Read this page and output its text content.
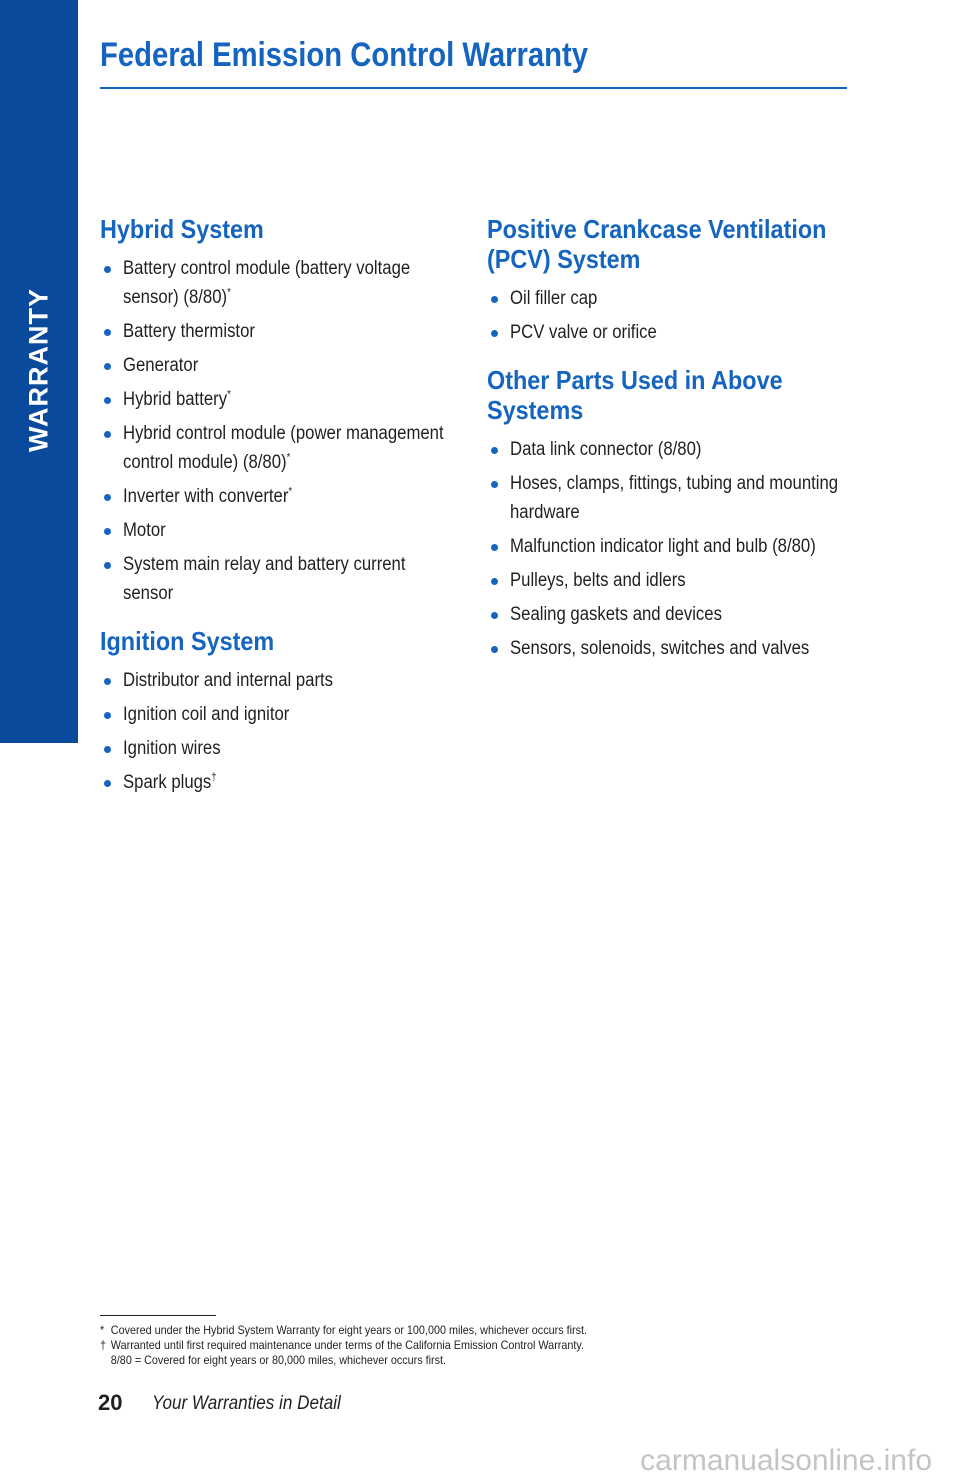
WARRANTY
Federal Emission Control Warranty
Hybrid System
Battery control module (battery voltage sensor) (8/80)*
Battery thermistor
Generator
Hybrid battery*
Hybrid control module (power management control module) (8/80)*
Inverter with converter*
Motor
System main relay and battery current sensor
Ignition System
Distributor and internal parts
Ignition coil and ignitor
Ignition wires
Spark plugs†
Positive Crankcase Ventilation
(PCV) System
Oil filler cap
PCV valve or orifice
Other Parts Used in Above
Systems
Data link connector (8/80)
Hoses, clamps, fittings, tubing and mounting hardware
Malfunction indicator light and bulb (8/80)
Pulleys, belts and idlers
Sealing gaskets and devices
Sensors, solenoids, switches and valves
* Covered under the Hybrid System Warranty for eight years or 100,000 miles, whichever occurs first.
† Warranted until first required maintenance under terms of the California Emission Control Warranty.
8/80 = Covered for eight years or 80,000 miles, whichever occurs first.
20 Your Warranties in Detail
carmanualsonline.info
